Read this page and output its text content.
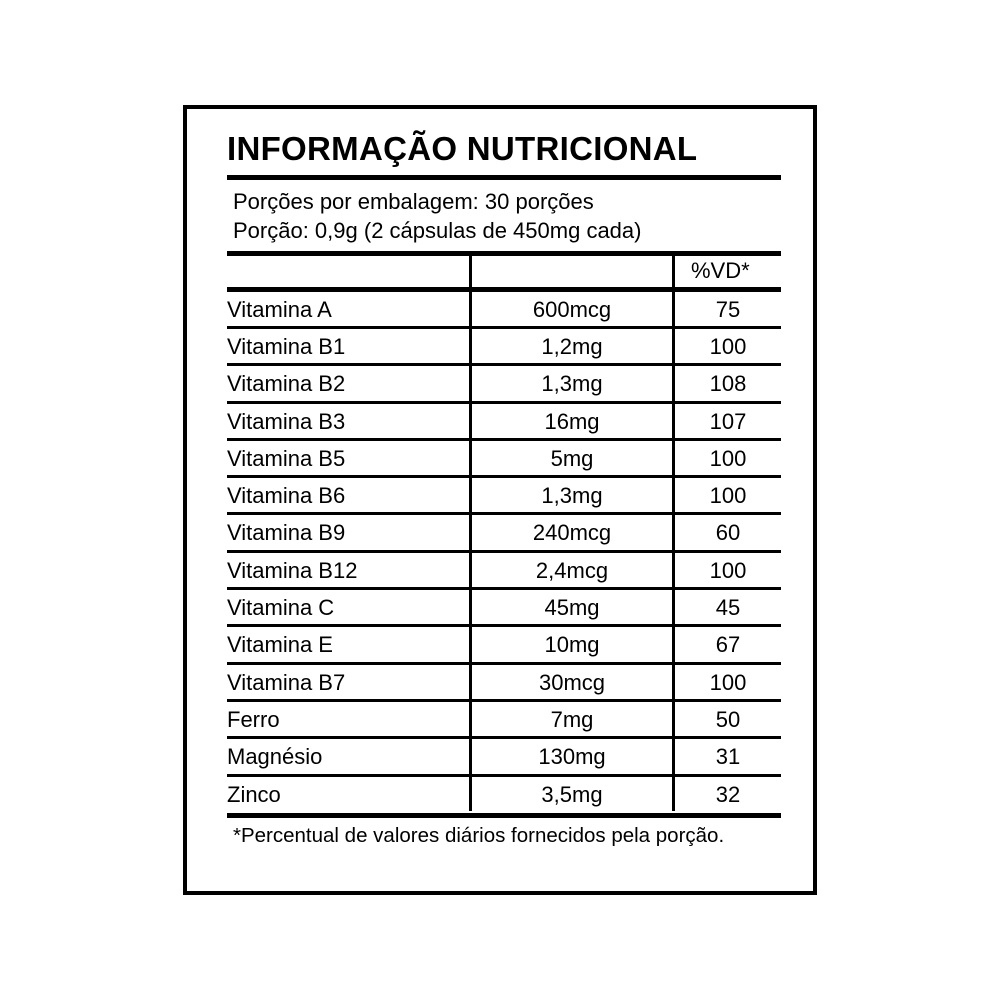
INFORMAÇÃO NUTRICIONAL
Porções por embalagem: 30 porções
Porção: 0,9g (2 cápsulas de 450mg cada)
		%VD*
Vitamina A	600mcg	75
Vitamina B1	1,2mg	100
Vitamina B2	1,3mg	108
Vitamina B3	16mg	107
Vitamina B5	5mg	100
Vitamina B6	1,3mg	100
Vitamina B9	240mcg	60
Vitamina B12	2,4mcg	100
Vitamina C	45mg	45
Vitamina E	10mg	67
Vitamina B7	30mcg	100
Ferro	7mg	50
Magnésio	130mg	31
Zinco	3,5mg	32
*Percentual de valores diários fornecidos pela porção.
